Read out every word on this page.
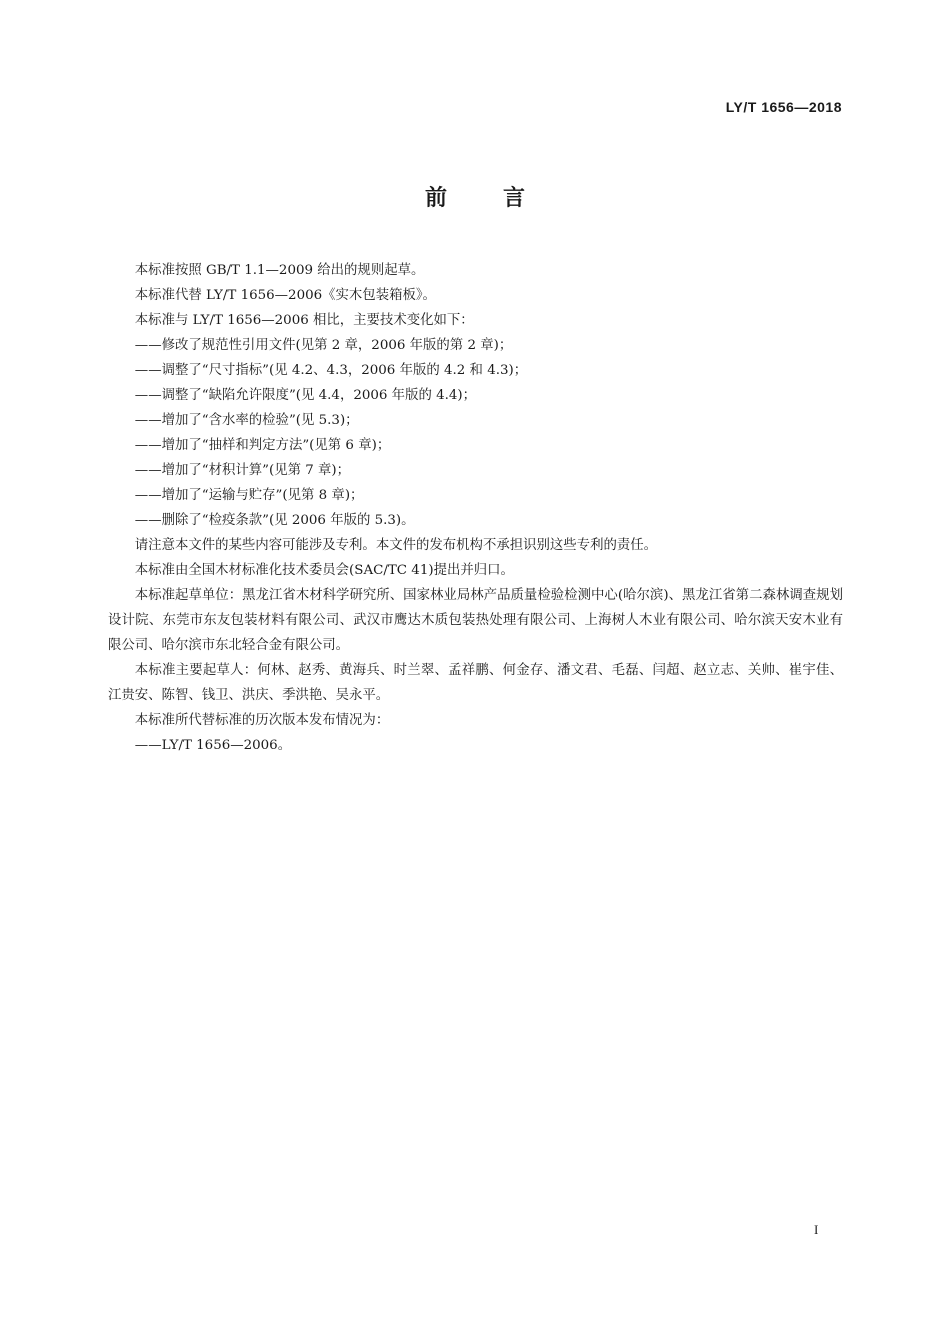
LY/T 1656—2018
前言

本标准按照 GB/T 1.1—2009 给出的规则起草。

本标准代替 LY/T 1656—2006《实木包装箱板》。

本标准与 LY/T 1656—2006 相比，主要技术变化如下：

——修改了规范性引用文件(见第 2 章，2006 年版的第 2 章)；

——调整了“尺寸指标”(见 4.2、4.3，2006 年版的 4.2 和 4.3)；

——调整了“缺陷允许限度”(见 4.4，2006 年版的 4.4)；

——增加了“含水率的检验”(见 5.3)；

——增加了“抽样和判定方法”(见第 6 章)；

——增加了“材积计算”(见第 7 章)；

——增加了“运输与贮存”(见第 8 章)；

——删除了“检疫条款”(见 2006 年版的 5.3)。

请注意本文件的某些内容可能涉及专利。本文件的发布机构不承担识别这些专利的责任。

本标准由全国木材标准化技术委员会(SAC/TC 41)提出并归口。

本标准起草单位：黑龙江省木材科学研究所、国家林业局林产品质量检验检测中心(哈尔滨)、黑龙江省第二森林调查规划设计院、东莞市东友包装材料有限公司、武汉市鹰达木质包装热处理有限公司、上海树人木业有限公司、哈尔滨天安木业有限公司、哈尔滨市东北轻合金有限公司。

本标准主要起草人：何林、赵秀、黄海兵、时兰翠、孟祥鹏、何金存、潘文君、毛磊、闫超、赵立志、关帅、崔宇佳、江贵安、陈智、钱卫、洪庆、季洪艳、吴永平。

本标准所代替标准的历次版本发布情况为：

——LY/T 1656—2006。

I
